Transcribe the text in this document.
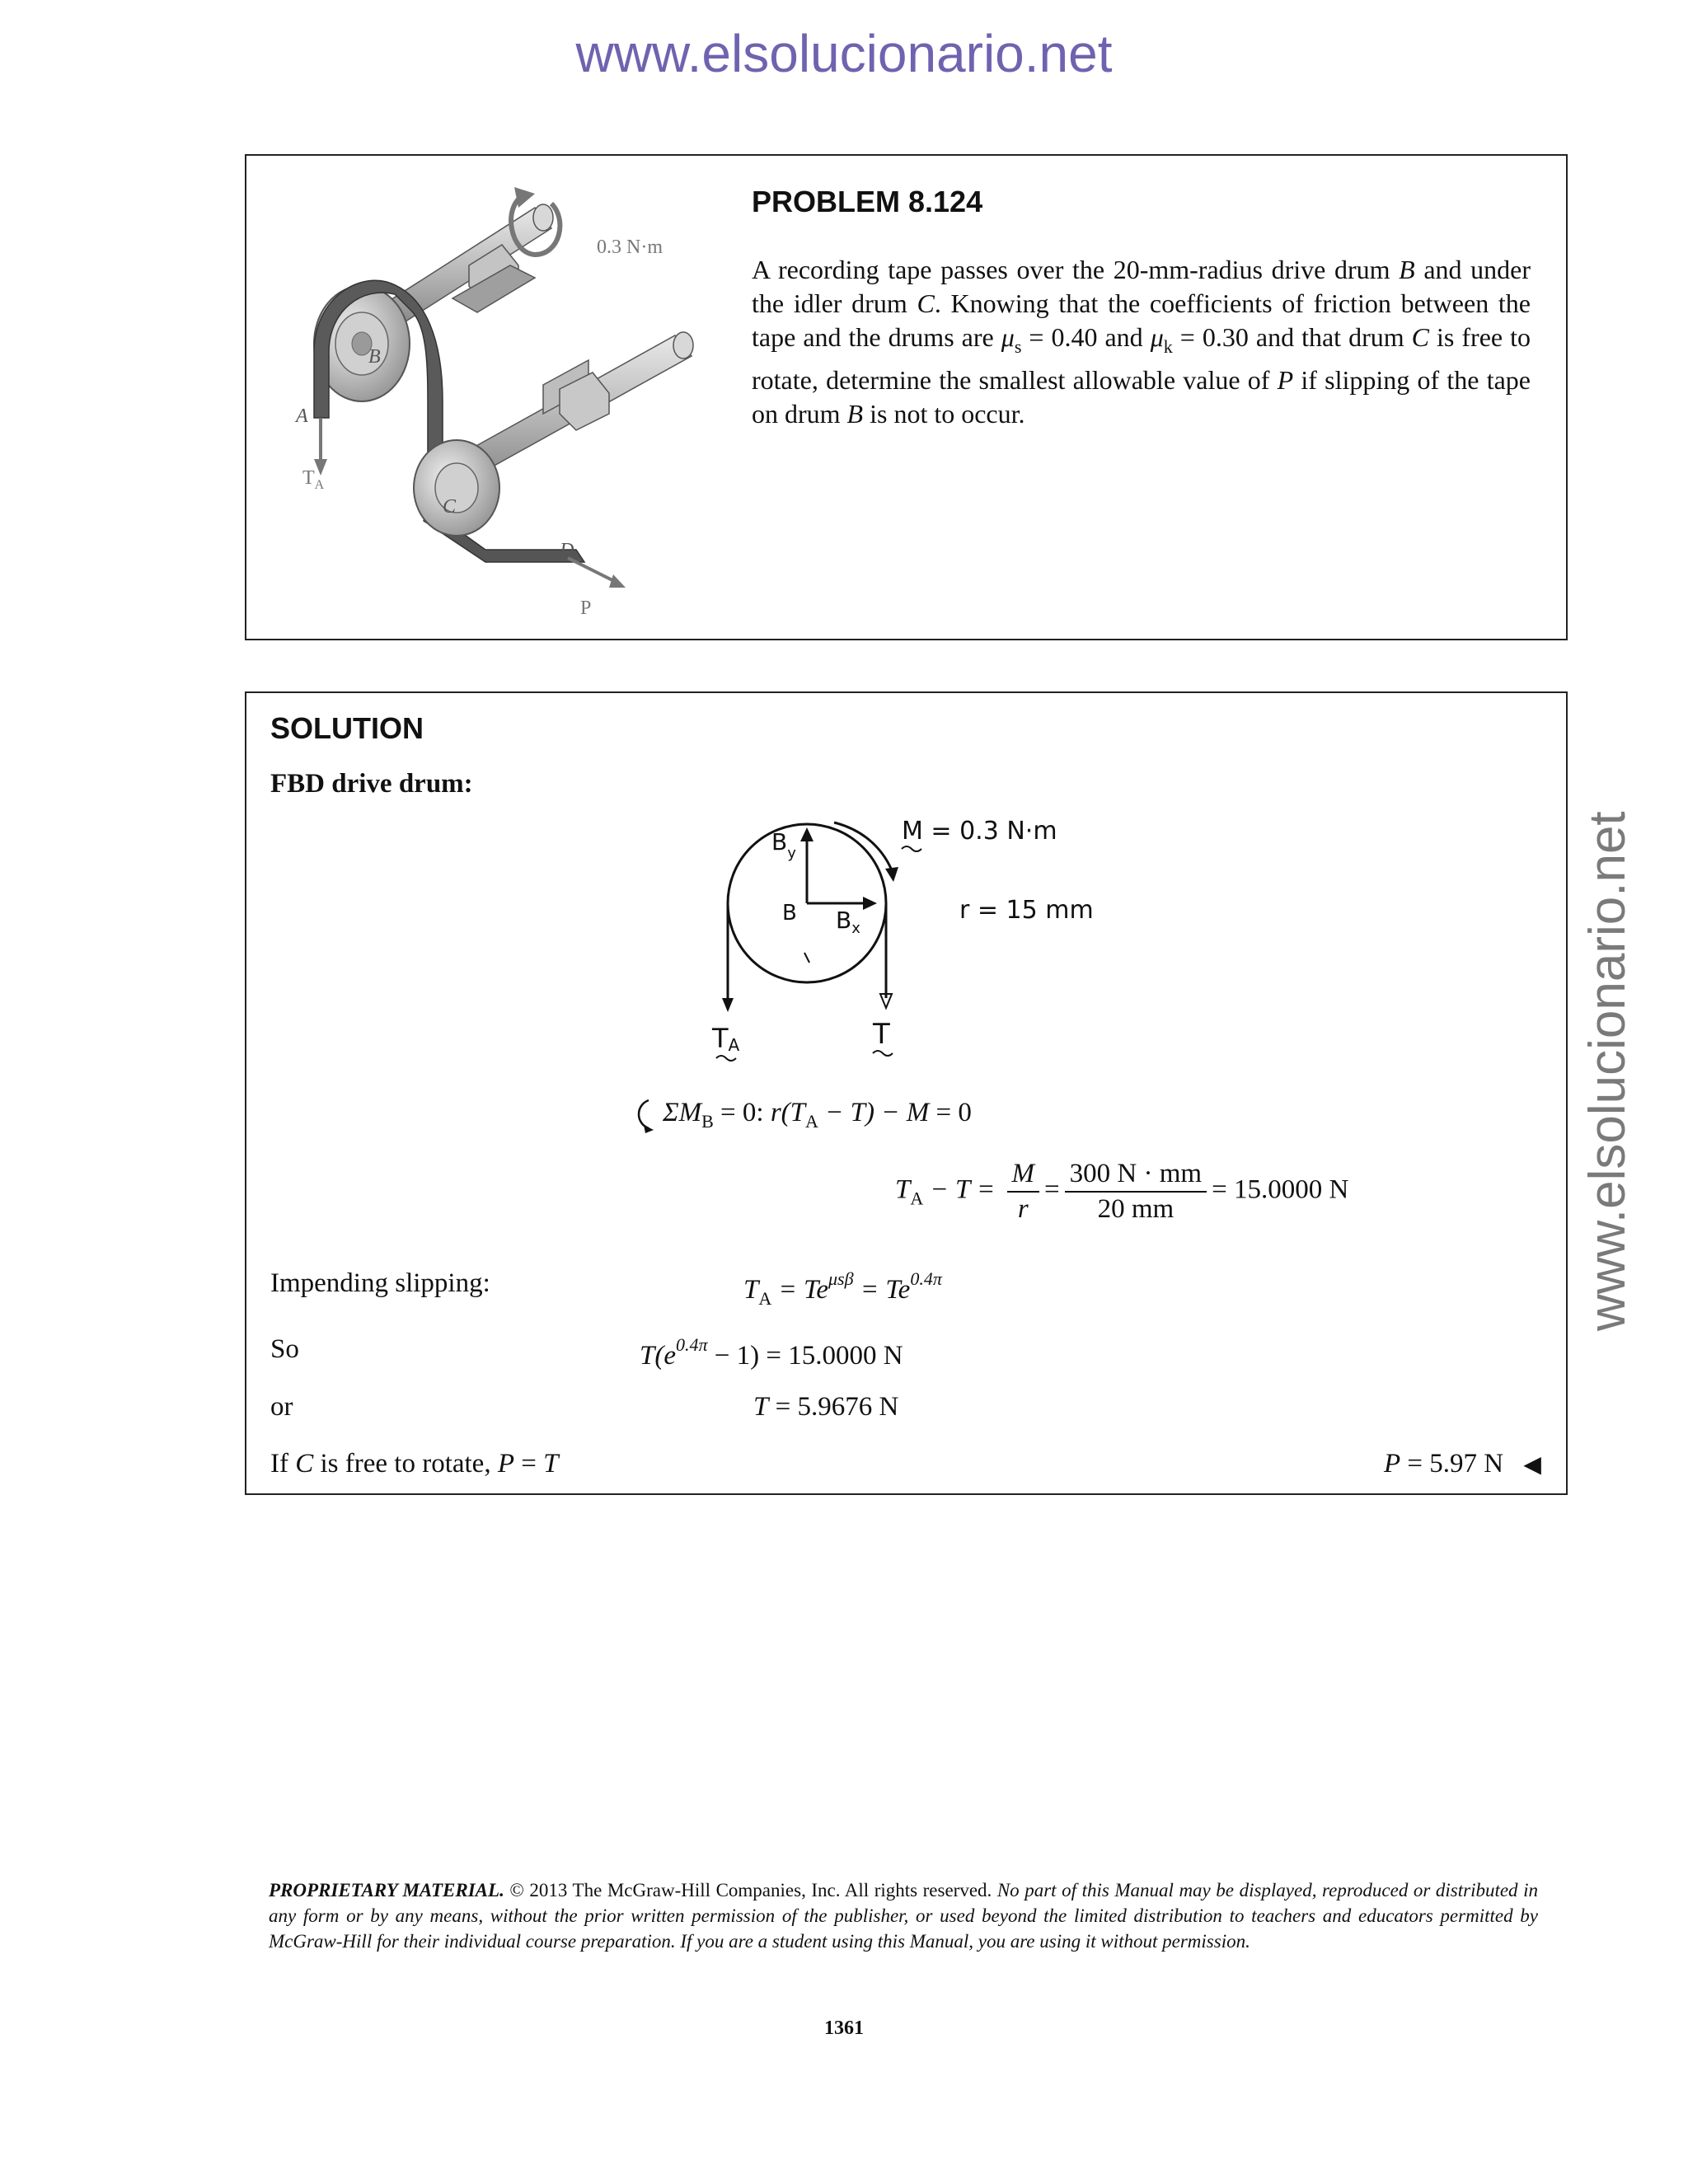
www.elsolucionario.net
www.elsolucionario.net
0.3 N·m
B
A
$T_A$
C
D
P
PROBLEM 8.124
A recording tape passes over the 20-mm-radius drive drum B and under the idler drum C. Knowing that the coefficients of friction between the tape and the drums are $\mu_s = 0.40$ and $\mu_k = 0.30$ and that drum C is free to rotate, determine the smallest allowable value of P if slipping of the tape on drum B is not to occur.
SOLUTION
FBD drive drum:
$B_y$
B $B_x$
TA	T
M = 0.3 N·m
r = 15 mm
$\Sigma M_B = 0$: $r(T_A - T) - M = 0$
$T_A - T = \frac{M}{r} = \frac{300 N \cdot mm}{20 mm} = 15.0000$ N
Impending slipping:	$T_A = Te^{\mu s\beta} = Te^{0.4\pi}$
So	$T(e^{0.4\pi} - 1) = 15.0000$ N
or	T = 5.9676 N
If C is free to rotate, P = T	P = 5.97 N ◀
PROPRIETARY MATERIAL. © 2013 The McGraw-Hill Companies, Inc. All rights reserved. No part of this Manual may be displayed, reproduced or distributed in any form or by any means, without the prior written permission of the publisher, or used beyond the limited distribution to teachers and educators permitted by McGraw-Hill for their individual course preparation. If you are a student using this Manual, you are using it without permission.
1361
